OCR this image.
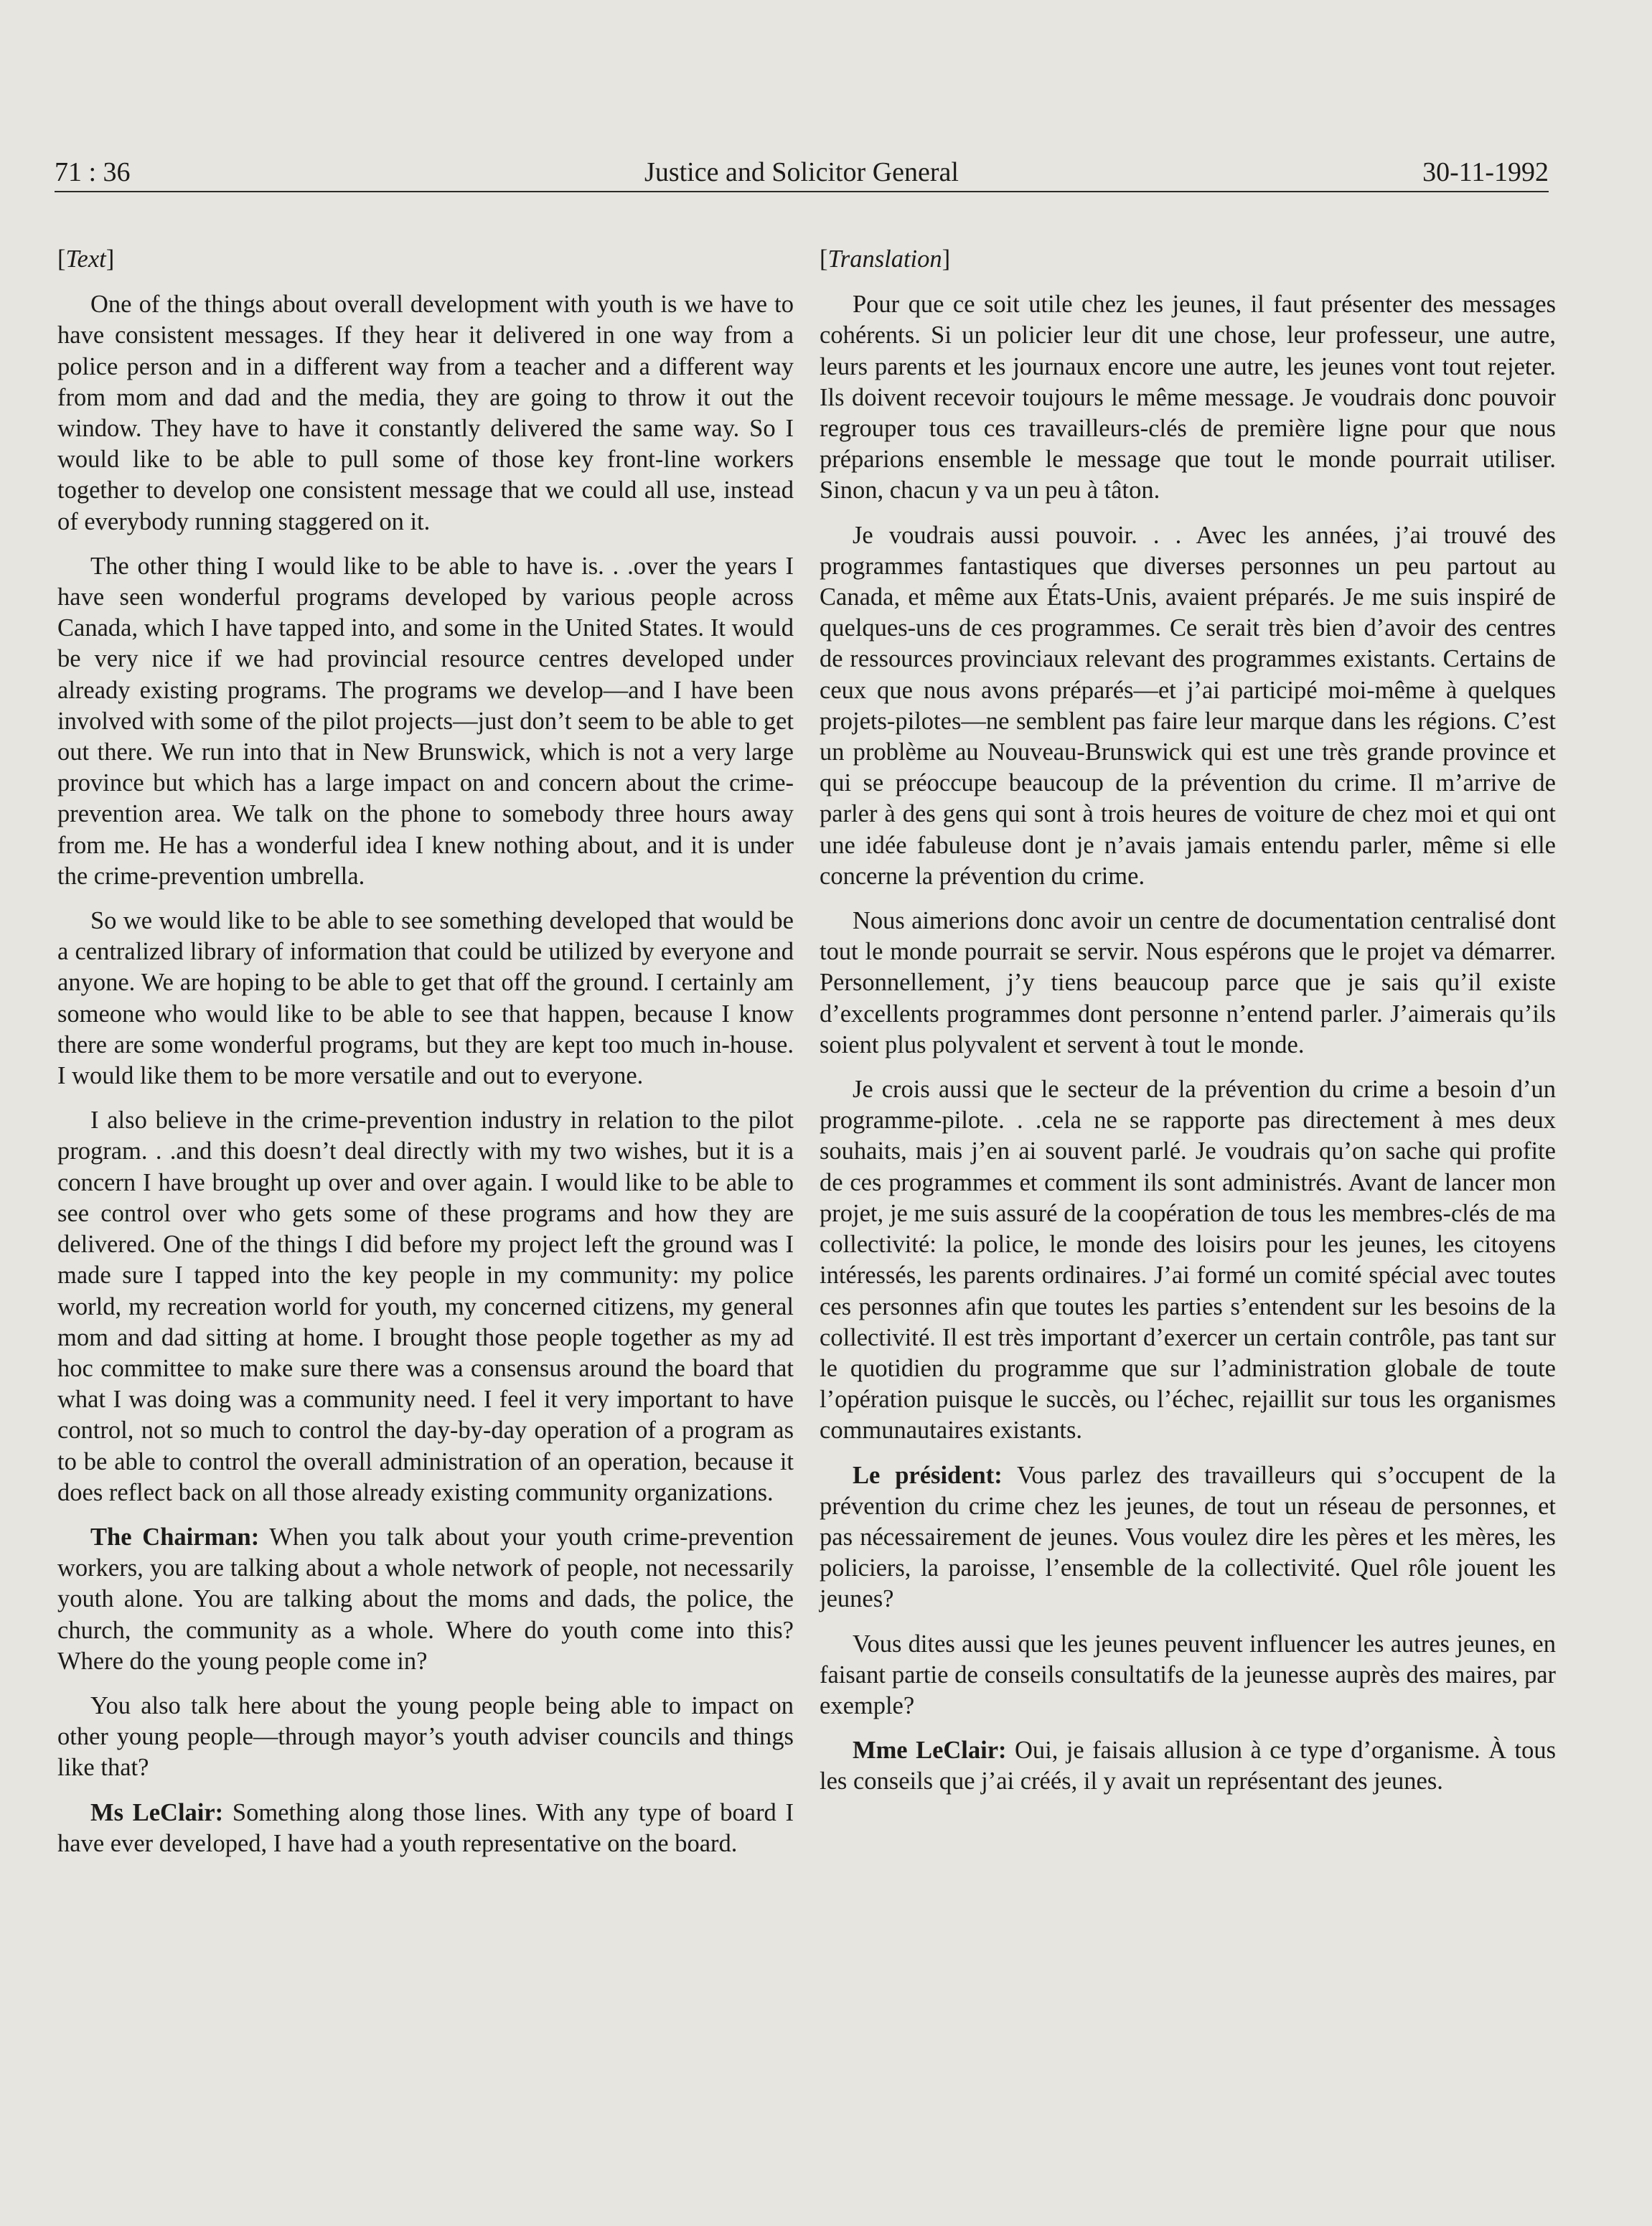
71 : 36	Justice and Solicitor General	30-11-1992
[Text]

One of the things about overall development with youth is we have to have consistent messages. If they hear it delivered in one way from a police person and in a different way from a teacher and a different way from mom and dad and the media, they are going to throw it out the window. They have to have it constantly delivered the same way. So I would like to be able to pull some of those key front-line workers together to develop one consistent message that we could all use, instead of everybody running staggered on it.

The other thing I would like to be able to have is. . .over the years I have seen wonderful programs developed by various people across Canada, which I have tapped into, and some in the United States. It would be very nice if we had provincial resource centres developed under already existing programs. The programs we develop—and I have been involved with some of the pilot projects—just don’t seem to be able to get out there. We run into that in New Brunswick, which is not a very large province but which has a large impact on and concern about the crime-prevention area. We talk on the phone to somebody three hours away from me. He has a wonderful idea I knew nothing about, and it is under the crime-prevention umbrella.

So we would like to be able to see something developed that would be a centralized library of information that could be utilized by everyone and anyone. We are hoping to be able to get that off the ground. I certainly am someone who would like to be able to see that happen, because I know there are some wonderful programs, but they are kept too much in-house. I would like them to be more versatile and out to everyone.

I also believe in the crime-prevention industry in relation to the pilot program. . .and this doesn’t deal directly with my two wishes, but it is a concern I have brought up over and over again. I would like to be able to see control over who gets some of these programs and how they are delivered. One of the things I did before my project left the ground was I made sure I tapped into the key people in my community: my police world, my recreation world for youth, my concerned citizens, my general mom and dad sitting at home. I brought those people together as my ad hoc committee to make sure there was a consensus around the board that what I was doing was a community need. I feel it very important to have control, not so much to control the day-by-day operation of a program as to be able to control the overall administration of an operation, because it does reflect back on all those already existing community organizations.

The Chairman: When you talk about your youth crime-prevention workers, you are talking about a whole network of people, not necessarily youth alone. You are talking about the moms and dads, the police, the church, the community as a whole. Where do youth come into this? Where do the young people come in?

You also talk here about the young people being able to impact on other young people—through mayor’s youth adviser councils and things like that?

Ms LeClair: Something along those lines. With any type of board I have ever developed, I have had a youth representative on the board.

[Translation]

Pour que ce soit utile chez les jeunes, il faut présenter des messages cohérents. Si un policier leur dit une chose, leur professeur, une autre, leurs parents et les journaux encore une autre, les jeunes vont tout rejeter. Ils doivent recevoir toujours le même message. Je voudrais donc pouvoir regrouper tous ces travailleurs-clés de première ligne pour que nous préparions ensemble le message que tout le monde pourrait utiliser. Sinon, chacun y va un peu à tâton.

Je voudrais aussi pouvoir. . . Avec les années, j’ai trouvé des programmes fantastiques que diverses personnes un peu partout au Canada, et même aux États-Unis, avaient préparés. Je me suis inspiré de quelques-uns de ces programmes. Ce serait très bien d’avoir des centres de ressources provinciaux relevant des programmes existants. Certains de ceux que nous avons préparés—et j’ai participé moi-même à quelques projets-pilotes—ne semblent pas faire leur marque dans les régions. C’est un problème au Nouveau-Brunswick qui est une très grande province et qui se préoccupe beaucoup de la prévention du crime. Il m’arrive de parler à des gens qui sont à trois heures de voiture de chez moi et qui ont une idée fabuleuse dont je n’avais jamais entendu parler, même si elle concerne la prévention du crime.

Nous aimerions donc avoir un centre de documentation centralisé dont tout le monde pourrait se servir. Nous espérons que le projet va démarrer. Personnellement, j’y tiens beaucoup parce que je sais qu’il existe d’excellents programmes dont personne n’entend parler. J’aimerais qu’ils soient plus polyvalent et servent à tout le monde.

Je crois aussi que le secteur de la prévention du crime a besoin d’un programme-pilote. . .cela ne se rapporte pas directement à mes deux souhaits, mais j’en ai souvent parlé. Je voudrais qu’on sache qui profite de ces programmes et comment ils sont administrés. Avant de lancer mon projet, je me suis assuré de la coopération de tous les membres-clés de ma collectivité: la police, le monde des loisirs pour les jeunes, les citoyens intéressés, les parents ordinaires. J’ai formé un comité spécial avec toutes ces personnes afin que toutes les parties s’entendent sur les besoins de la collectivité. Il est très important d’exercer un certain contrôle, pas tant sur le quotidien du programme que sur l’administration globale de toute l’opération puisque le succès, ou l’échec, rejaillit sur tous les organismes communautaires existants.

Le président: Vous parlez des travailleurs qui s’occupent de la prévention du crime chez les jeunes, de tout un réseau de personnes, et pas nécessairement de jeunes. Vous voulez dire les pères et les mères, les policiers, la paroisse, l’ensemble de la collectivité. Quel rôle jouent les jeunes?

Vous dites aussi que les jeunes peuvent influencer les autres jeunes, en faisant partie de conseils consultatifs de la jeunesse auprès des maires, par exemple?

Mme LeClair: Oui, je faisais allusion à ce type d’organisme. À tous les conseils que j’ai créés, il y avait un représentant des jeunes.
